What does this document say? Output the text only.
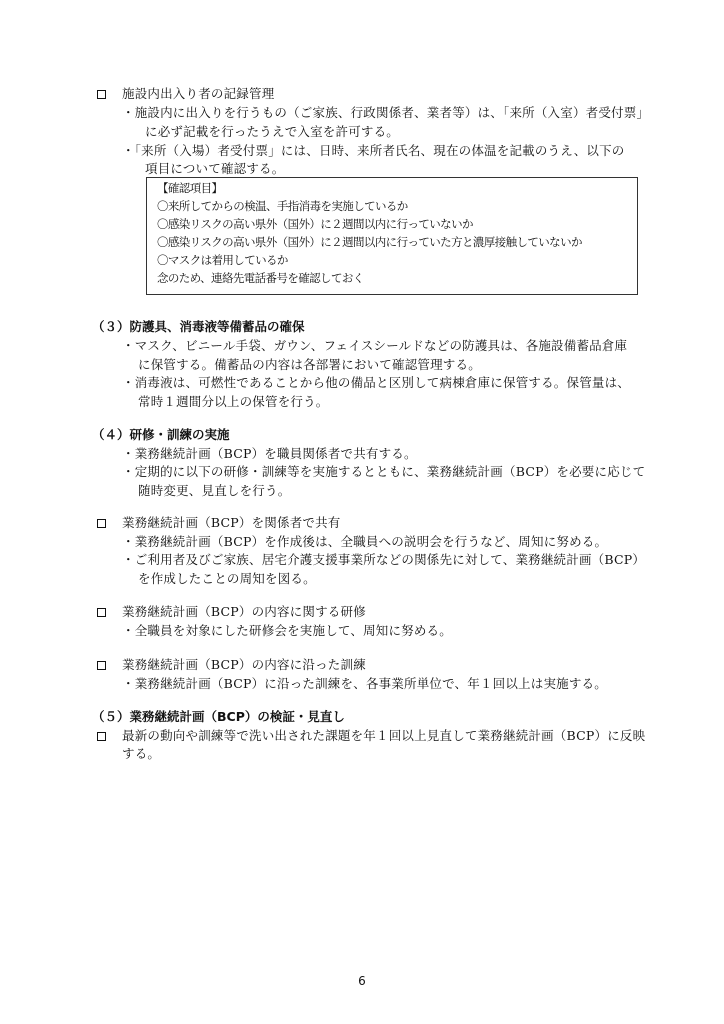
施設内出入り者の記録管理
・施設内に出入りを行うもの（ご家族、行政関係者、業者等）は、「来所（入室）者受付票」
に必ず記載を行ったうえで入室を許可する。
・「来所（入場）者受付票」には、日時、来所者氏名、現在の体温を記載のうえ、以下の
項目について確認する。
【確認項目】
〇来所してからの検温、手指消毒を実施しているか
〇感染リスクの高い県外（国外）に２週間以内に行っていないか
〇感染リスクの高い県外（国外）に２週間以内に行っていた方と濃厚接触していないか
〇マスクは着用しているか
念のため、連絡先電話番号を確認しておく
（３）防護具、消毒液等備蓄品の確保
・マスク、ビニール手袋、ガウン、フェイスシールドなどの防護具は、各施設備蓄品倉庫
に保管する。備蓄品の内容は各部署において確認管理する。
・消毒液は、可燃性であることから他の備品と区別して病棟倉庫に保管する。保管量は、
常時１週間分以上の保管を行う。
（４）研修・訓練の実施
・業務継続計画（BCP）を職員関係者で共有する。
・定期的に以下の研修・訓練等を実施するとともに、業務継続計画（BCP）を必要に応じて
随時変更、見直しを行う。
業務継続計画（BCP）を関係者で共有
・業務継続計画（BCP）を作成後は、全職員への説明会を行うなど、周知に努める。
・ご利用者及びご家族、居宅介護支援事業所などの関係先に対して、業務継続計画（BCP）
を作成したことの周知を図る。
業務継続計画（BCP）の内容に関する研修
・全職員を対象にした研修会を実施して、周知に努める。
業務継続計画（BCP）の内容に沿った訓練
・業務継続計画（BCP）に沿った訓練を、各事業所単位で、年１回以上は実施する。
（５）業務継続計画（BCP）の検証・見直し
最新の動向や訓練等で洗い出された課題を年１回以上見直して業務継続計画（BCP）に反映
する。
6
